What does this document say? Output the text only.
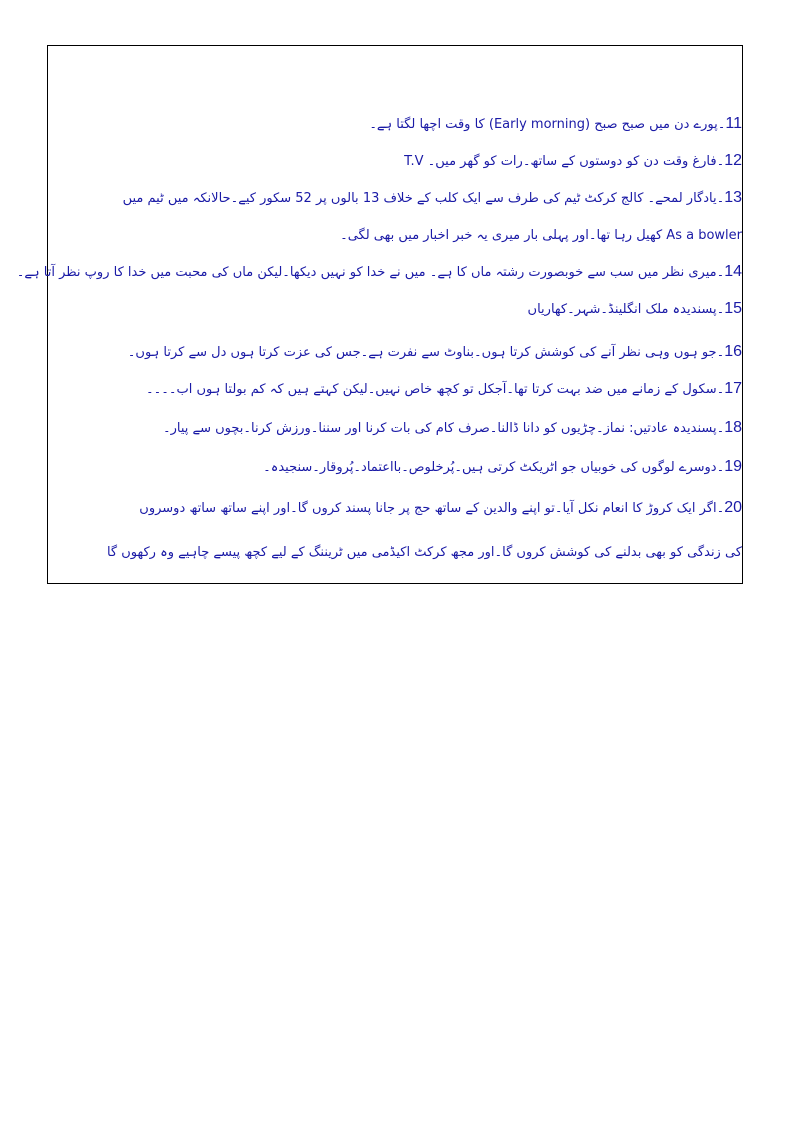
11۔پورے دن میں صبح صبح (Early morning) کا وقت اچھا لگتا ہے۔
12۔فارغ وقت دن کو دوستوں کے ساتھ۔رات کو گھر میں۔ T.V
13۔یادگار لمحے۔ کالج کرکٹ ٹیم کی طرف سے ایک کلب کے خلاف 13 بالوں پر 52 سکور کیے۔حالانکہ میں ٹیم میں
As a bowler کھیل رہا تھا۔اور پہلی بار میری یہ خبر اخبار میں بھی لگی۔
14۔میری نظر میں سب سے خوبصورت رشتہ ماں کا ہے۔ میں نے خدا کو نہیں دیکھا۔لیکن ماں کی محبت میں خدا کا روپ نظر آتا ہے۔
15۔پسندیدہ ملک انگلینڈ۔شہر۔کھاریاں
16۔جو ہوں وہی نظر آنے کی کوشش کرتا ہوں۔بناوٹ سے نفرت ہے۔جس کی عزت کرتا ہوں دل سے کرتا ہوں۔
17۔سکول کے زمانے میں ضد بہت کرتا تھا۔آجکل تو کچھ خاص نہیں۔لیکن کہتے ہیں کہ کم بولتا ہوں اب۔۔۔۔
18۔پسندیدہ عادتیں: نماز۔چڑیوں کو دانا ڈالنا۔صرف کام کی بات کرنا اور سننا۔ورزش کرنا۔بچوں سے پیار۔
19۔دوسرے لوگوں کی خوبیاں جو اٹریکٹ کرتی ہیں۔پُرخلوص۔بااعتماد۔پُروقار۔سنجیدہ۔
20۔اگر ایک کروڑ کا انعام نکل آیا۔تو اپنے والدین کے ساتھ حج پر جانا پسند کروں گا۔اور اپنے ساتھ ساتھ دوسروں
کی زندگی کو بھی بدلنے کی کوشش کروں گا۔اور مجھ کرکٹ اکیڈمی میں ٹریننگ کے لیے کچھ پیسے چاہیے وہ رکھوں گا
